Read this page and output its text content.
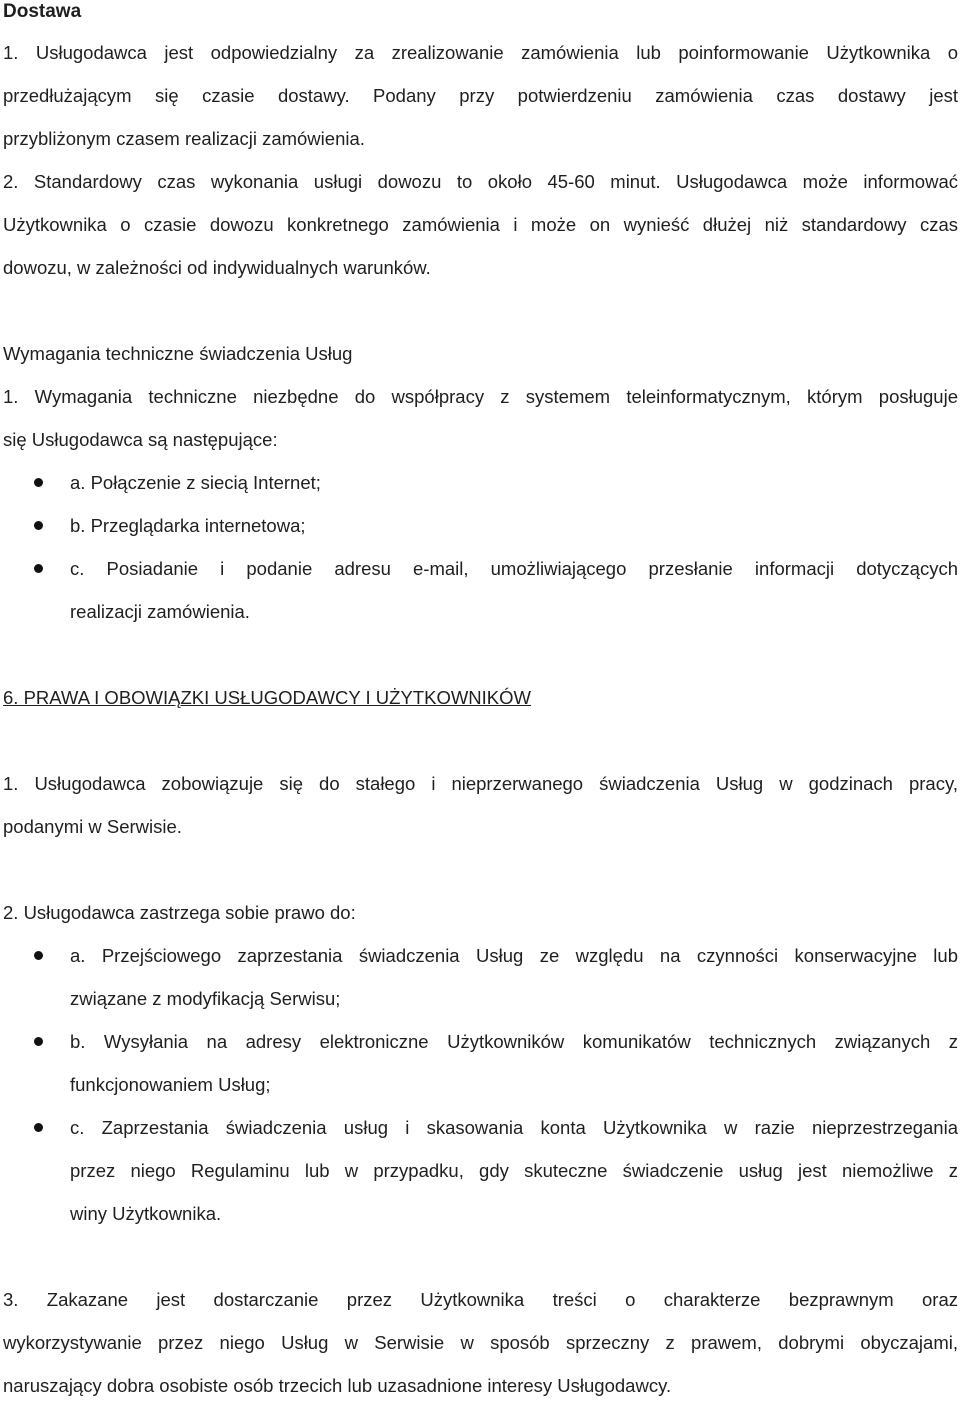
Dostawa

1. Usługodawca jest odpowiedzialny za zrealizowanie zamówienia lub poinformowanie Użytkownika o

przedłużającym się czasie dostawy. Podany przy potwierdzeniu zamówienia czas dostawy jest

przybliżonym czasem realizacji zamówienia.

2. Standardowy czas wykonania usługi dowozu to około 45-60 minut. Usługodawca może informować

Użytkownika o czasie dowozu konkretnego zamówienia i może on wynieść dłużej niż standardowy czas

dowozu, w zależności od indywidualnych warunków.

Wymagania techniczne świadczenia Usług

1. Wymagania techniczne niezbędne do współpracy z systemem teleinformatycznym, którym posługuje

się Usługodawca są następujące:

a. Połączenie z siecią Internet;
b. Przeglądarka internetowa;
c. Posiadanie i podanie adresu e-mail, umożliwiającego przesłanie informacji dotyczących
realizacji zamówienia.

6. PRAWA I OBOWIĄZKI USŁUGODAWCY I UŻYTKOWNIKÓW

1. Usługodawca zobowiązuje się do stałego i nieprzerwanego świadczenia Usług w godzinach pracy,

podanymi w Serwisie.

2. Usługodawca zastrzega sobie prawo do:

a. Przejściowego zaprzestania świadczenia Usług ze względu na czynności konserwacyjne lub
związane z modyfikacją Serwisu;
b. Wysyłania na adresy elektroniczne Użytkowników komunikatów technicznych związanych z
funkcjonowaniem Usług;
c. Zaprzestania świadczenia usług i skasowania konta Użytkownika w razie nieprzestrzegania
przez niego Regulaminu lub w przypadku, gdy skuteczne świadczenie usług jest niemożliwe z
winy Użytkownika.

3. Zakazane jest dostarczanie przez Użytkownika treści o charakterze bezprawnym oraz

wykorzystywanie przez niego Usług w Serwisie w sposób sprzeczny z prawem, dobrymi obyczajami,

naruszający dobra osobiste osób trzecich lub uzasadnione interesy Usługodawcy.
